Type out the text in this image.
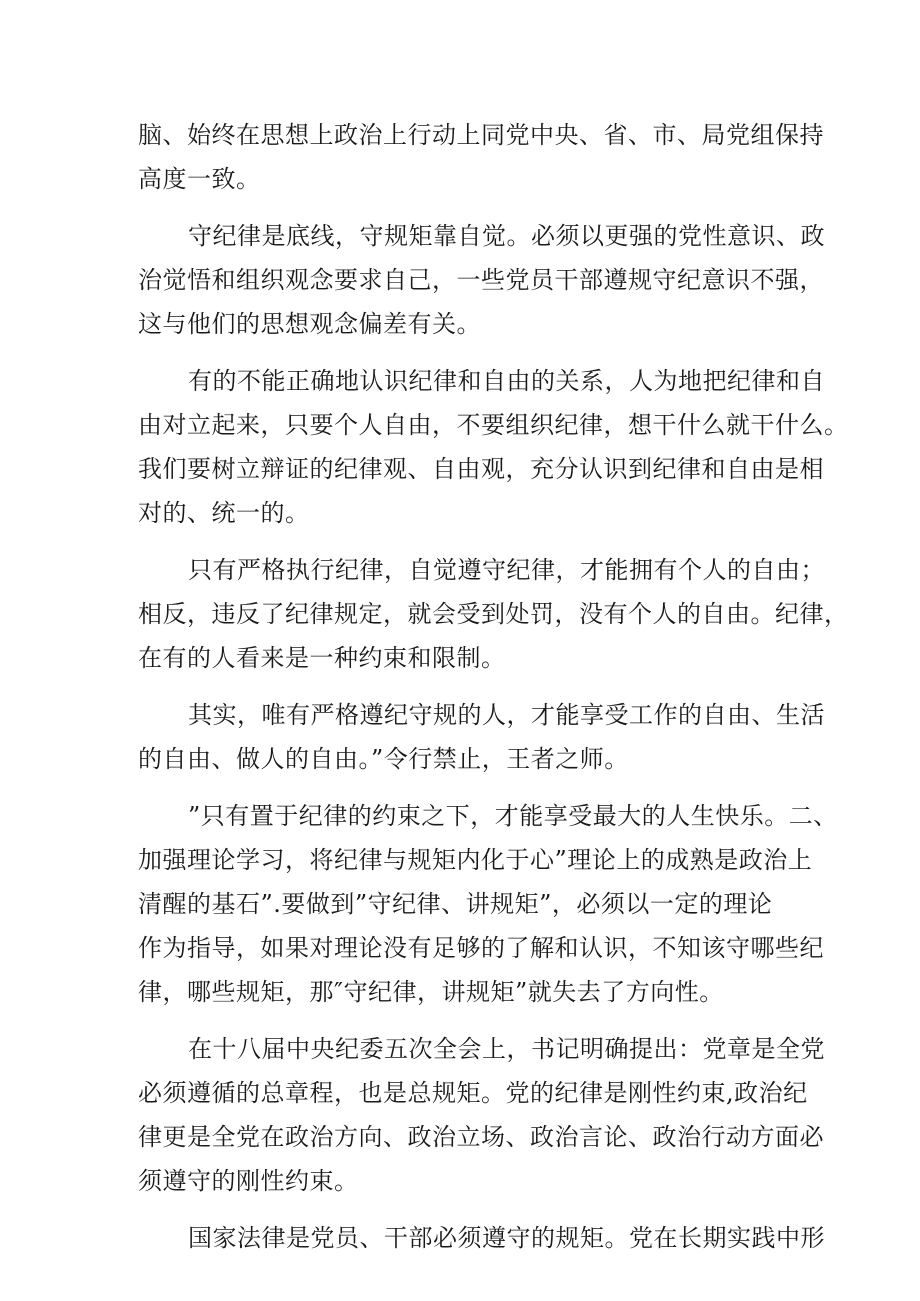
脑、始终在思想上政治上行动上同党中央、省、市、局党组保持
高度一致。
守纪律是底线，守规矩靠自觉。必须以更强的党性意识、政
治觉悟和组织观念要求自己，一些党员干部遵规守纪意识不强，
这与他们的思想观念偏差有关。
有的不能正确地认识纪律和自由的关系，人为地把纪律和自
由对立起来，只要个人自由，不要组织纪律，想干什么就干什么。
我们要树立辩证的纪律观、自由观，充分认识到纪律和自由是相
对的、统一的。
只有严格执行纪律，自觉遵守纪律，才能拥有个人的自由；
相反，违反了纪律规定，就会受到处罚，没有个人的自由。纪律，
在有的人看来是一种约束和限制。
其实，唯有严格遵纪守规的人，才能享受工作的自由、生活
的自由、做人的自由。”令行禁止，王者之师。
”只有置于纪律的约束之下，才能享受最大的人生快乐。二、
加强理论学习，将纪律与规矩内化于心”理论上的成熟是政治上
清醒的基石”.要做到”守纪律、讲规矩”，必须以一定的理论
作为指导，如果对理论没有足够的了解和认识，不知该守哪些纪
律，哪些规矩，那″守纪律，讲规矩”就失去了方向性。
在十八届中央纪委五次全会上，书记明确提出：党章是全党
必须遵循的总章程，也是总规矩。党的纪律是刚性约束,政治纪
律更是全党在政治方向、政治立场、政治言论、政治行动方面必
须遵守的刚性约束。
国家法律是党员、干部必须遵守的规矩。党在长期实践中形
